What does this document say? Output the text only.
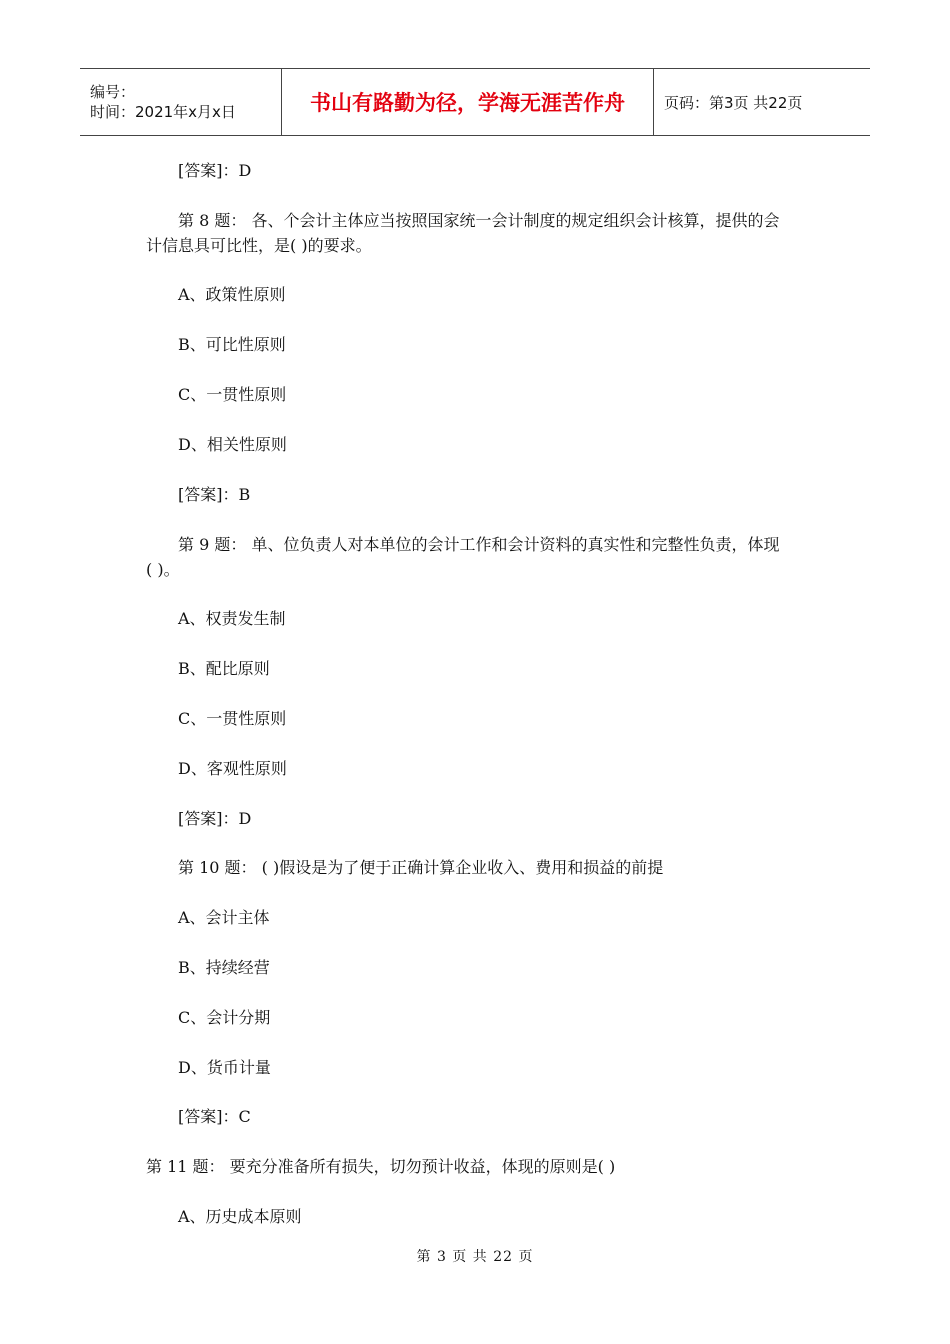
编号：
时间：2021年x月x日	书山有路勤为径，学海无涯苦作舟	页码：第3页 共22页
[答案]：D
第 8 题： 各、个会计主体应当按照国家统一会计制度的规定组织会计核算，提供的会
计信息具可比性，是( )的要求。
A、政策性原则
B、可比性原则
C、一贯性原则
D、相关性原则
[答案]：B
第 9 题： 单、位负责人对本单位的会计工作和会计资料的真实性和完整性负责，体现
( )。
A、权责发生制
B、配比原则
C、一贯性原则
D、客观性原则
[答案]：D
第 10 题： ( )假设是为了便于正确计算企业收入、费用和损益的前提
A、会计主体
B、持续经营
C、会计分期
D、货币计量
[答案]：C
第 11 题： 要充分准备所有损失，切勿预计收益，体现的原则是( )
A、历史成本原则
第 3 页 共 22 页
